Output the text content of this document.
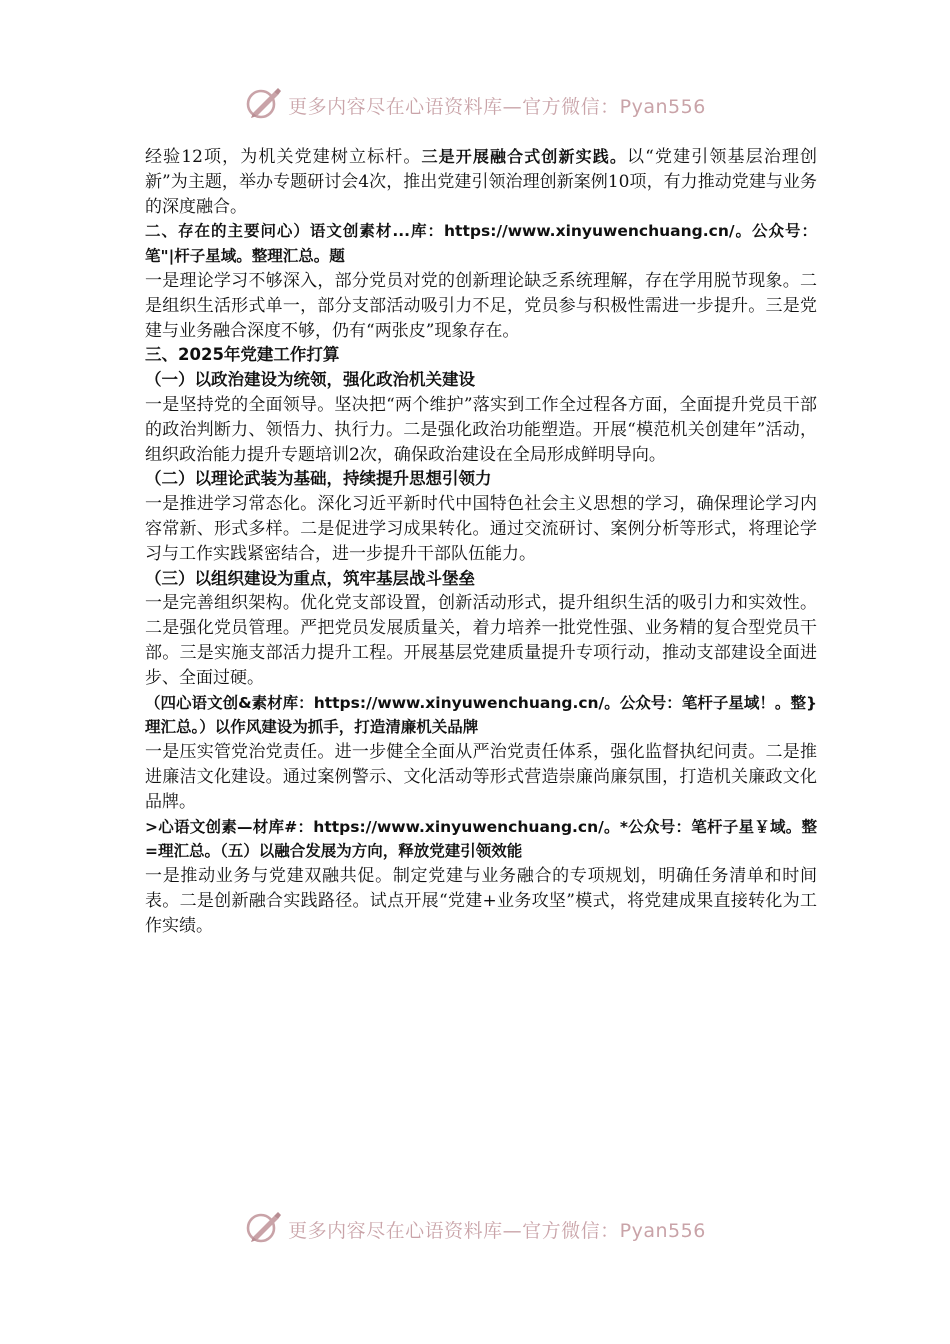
更多内容尽在心语资料库—官方微信：Pyan556

经验12项，为机关党建树立标杆。三是开展融合式创新实践。以“党建引领基层治理创新”为主题，举办专题研讨会4次，推出党建引领治理创新案例10项，有力推动党建与业务的深度融合。

二、存在的主要问心）语文创素材...库：https://www.xinyuwenchuang.cn/。公众号：笔"|杆子星域。整理汇总。题

一是理论学习不够深入，部分党员对党的创新理论缺乏系统理解，存在学用脱节现象。二是组织生活形式单一，部分支部活动吸引力不足，党员参与积极性需进一步提升。三是党建与业务融合深度不够，仍有“两张皮”现象存在。

三、2025年党建工作打算

（一）以政治建设为统领，强化政治机关建设

一是坚持党的全面领导。坚决把“两个维护”落实到工作全过程各方面，全面提升党员干部的政治判断力、领悟力、执行力。二是强化政治功能塑造。开展“模范机关创建年”活动，组织政治能力提升专题培训2次，确保政治建设在全局形成鲜明导向。

（二）以理论武装为基础，持续提升思想引领力

一是推进学习常态化。深化习近平新时代中国特色社会主义思想的学习，确保理论学习内容常新、形式多样。二是促进学习成果转化。通过交流研讨、案例分析等形式，将理论学习与工作实践紧密结合，进一步提升干部队伍能力。

（三）以组织建设为重点，筑牢基层战斗堡垒

一是完善组织架构。优化党支部设置，创新活动形式，提升组织生活的吸引力和实效性。二是强化党员管理。严把党员发展质量关，着力培养一批党性强、业务精的复合型党员干部。三是实施支部活力提升工程。开展基层党建质量提升专项行动，推动支部建设全面进步、全面过硬。

（四心语文创&素材库：https://www.xinyuwenchuang.cn/。公众号：笔杆子星域！。整}理汇总。）以作风建设为抓手，打造清廉机关品牌

一是压实管党治党责任。进一步健全全面从严治党责任体系，强化监督执纪问责。二是推进廉洁文化建设。通过案例警示、文化活动等形式营造崇廉尚廉氛围，打造机关廉政文化品牌。

>心语文创素—材库#：https://www.xinyuwenchuang.cn/。*公众号：笔杆子星￥域。整=理汇总。（五）以融合发展为方向，释放党建引领效能

一是推动业务与党建双融共促。制定党建与业务融合的专项规划，明确任务清单和时间表。二是创新融合实践路径。试点开展“党建+业务攻坚”模式，将党建成果直接转化为工作实绩。

更多内容尽在心语资料库—官方微信：Pyan556
